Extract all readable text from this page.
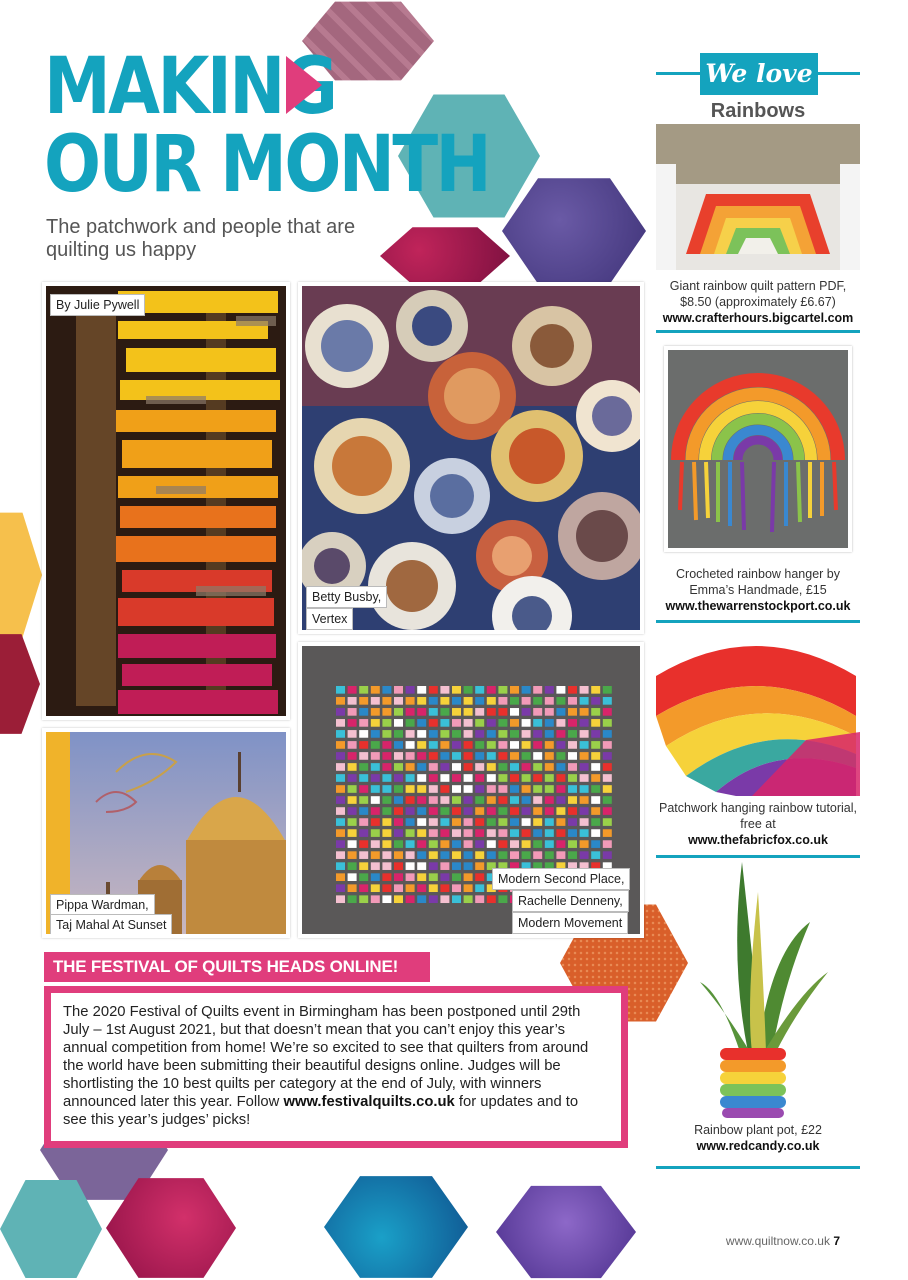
MAKING
OUR MONTH
The patchwork and people that are quilting us happy
By Julie Pywell
Betty Busby,
Vertex
Pippa Wardman,
Taj Mahal At Sunset
Modern Second Place,
Rachelle Denneny,
Modern Movement
We love
Rainbows
Giant rainbow quilt pattern PDF, $8.50 (approximately £6.67)
www.crafterhours.bigcartel.com
Crocheted rainbow hanger by Emma’s Handmade, £15
www.thewarrenstockport.co.uk
Patchwork hanging rainbow tutorial, free at
www.thefabricfox.co.uk
Rainbow plant pot, £22
www.redcandy.co.uk
THE FESTIVAL OF QUILTS HEADS ONLINE!
The 2020 Festival of Quilts event in Birmingham has been postponed until 29th July – 1st August 2021, but that doesn’t mean that you can’t enjoy this year’s annual competition from home! We’re so excited to see that quilters from around the world have been submitting their beautiful designs online. Judges will be shortlisting the 10 best quilts per category at the end of July, with winners announced later this year. Follow www.festivalquilts.co.uk for updates and to see this year’s judges’ picks!
www.quiltnow.co.uk 7
